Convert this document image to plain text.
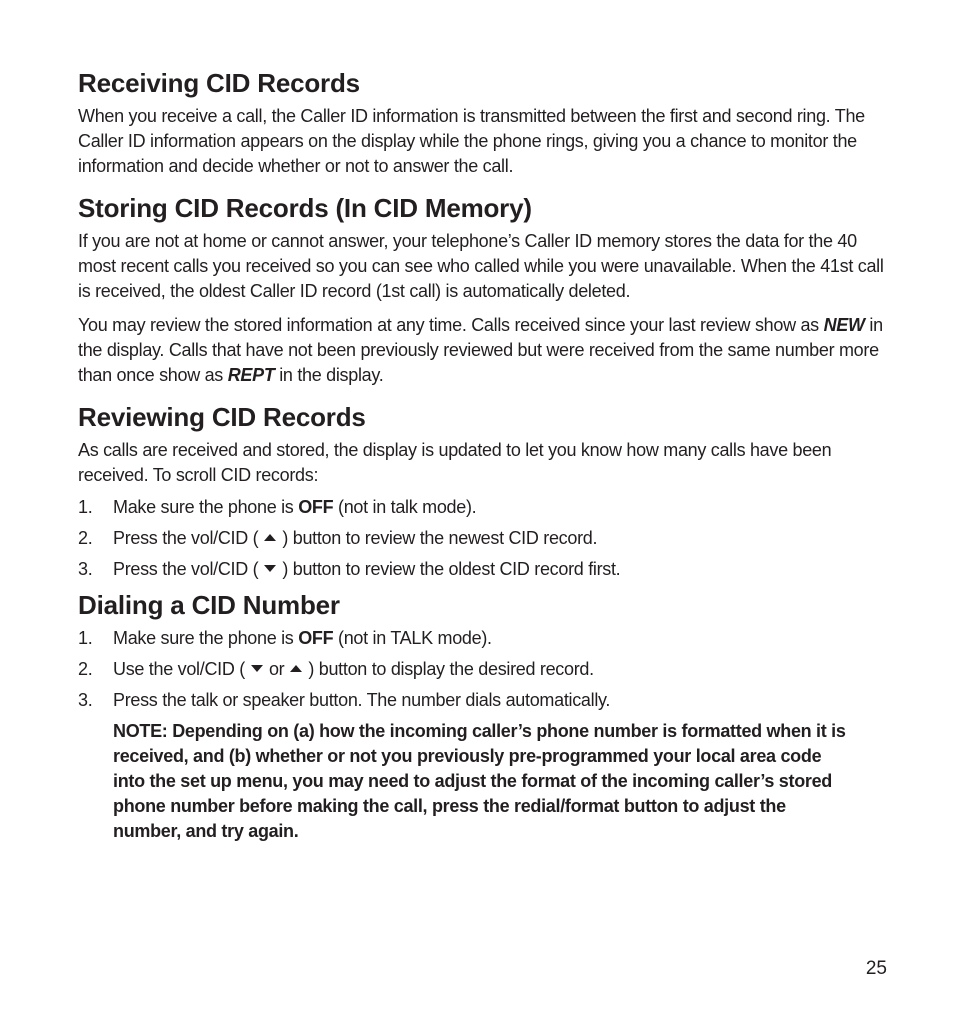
Receiving CID Records

When you receive a call, the Caller ID information is transmitted between the first and second ring. The Caller ID information appears on the display while the phone rings, giving you a chance to monitor the information and decide whether or not to answer the call.

Storing CID Records (In CID Memory)

If you are not at home or cannot answer, your telephone’s Caller ID memory stores the data for the 40 most recent calls you received so you can see who called while you were unavailable. When the 41st call is received, the oldest Caller ID record (1st call) is automatically deleted.

You may review the stored information at any time. Calls received since your last review show as NEW in the display. Calls that have not been previously reviewed but were received from the same number more than once show as REPT in the display.

Reviewing CID Records

As calls are received and stored, the display is updated to let you know how many calls have been received. To scroll CID records:

1. Make sure the phone is OFF (not in talk mode).
2. Press the vol/CID ( ) button to review the newest CID record.
3. Press the vol/CID ( ) button to review the oldest CID record first.
Dialing a CID Number
1. Make sure the phone is OFF (not in TALK mode).
2. Use the vol/CID ( or ) button to display the desired record.
3. Press the talk or speaker button. The number dials automatically.

NOTE: Depending on (a) how the incoming caller’s phone number is formatted when it is received, and (b) whether or not you previously pre-programmed your local area code into the set up menu, you may need to adjust the format of the incoming caller’s stored phone number before making the call, press the redial/format button to adjust the number, and try again.

25
